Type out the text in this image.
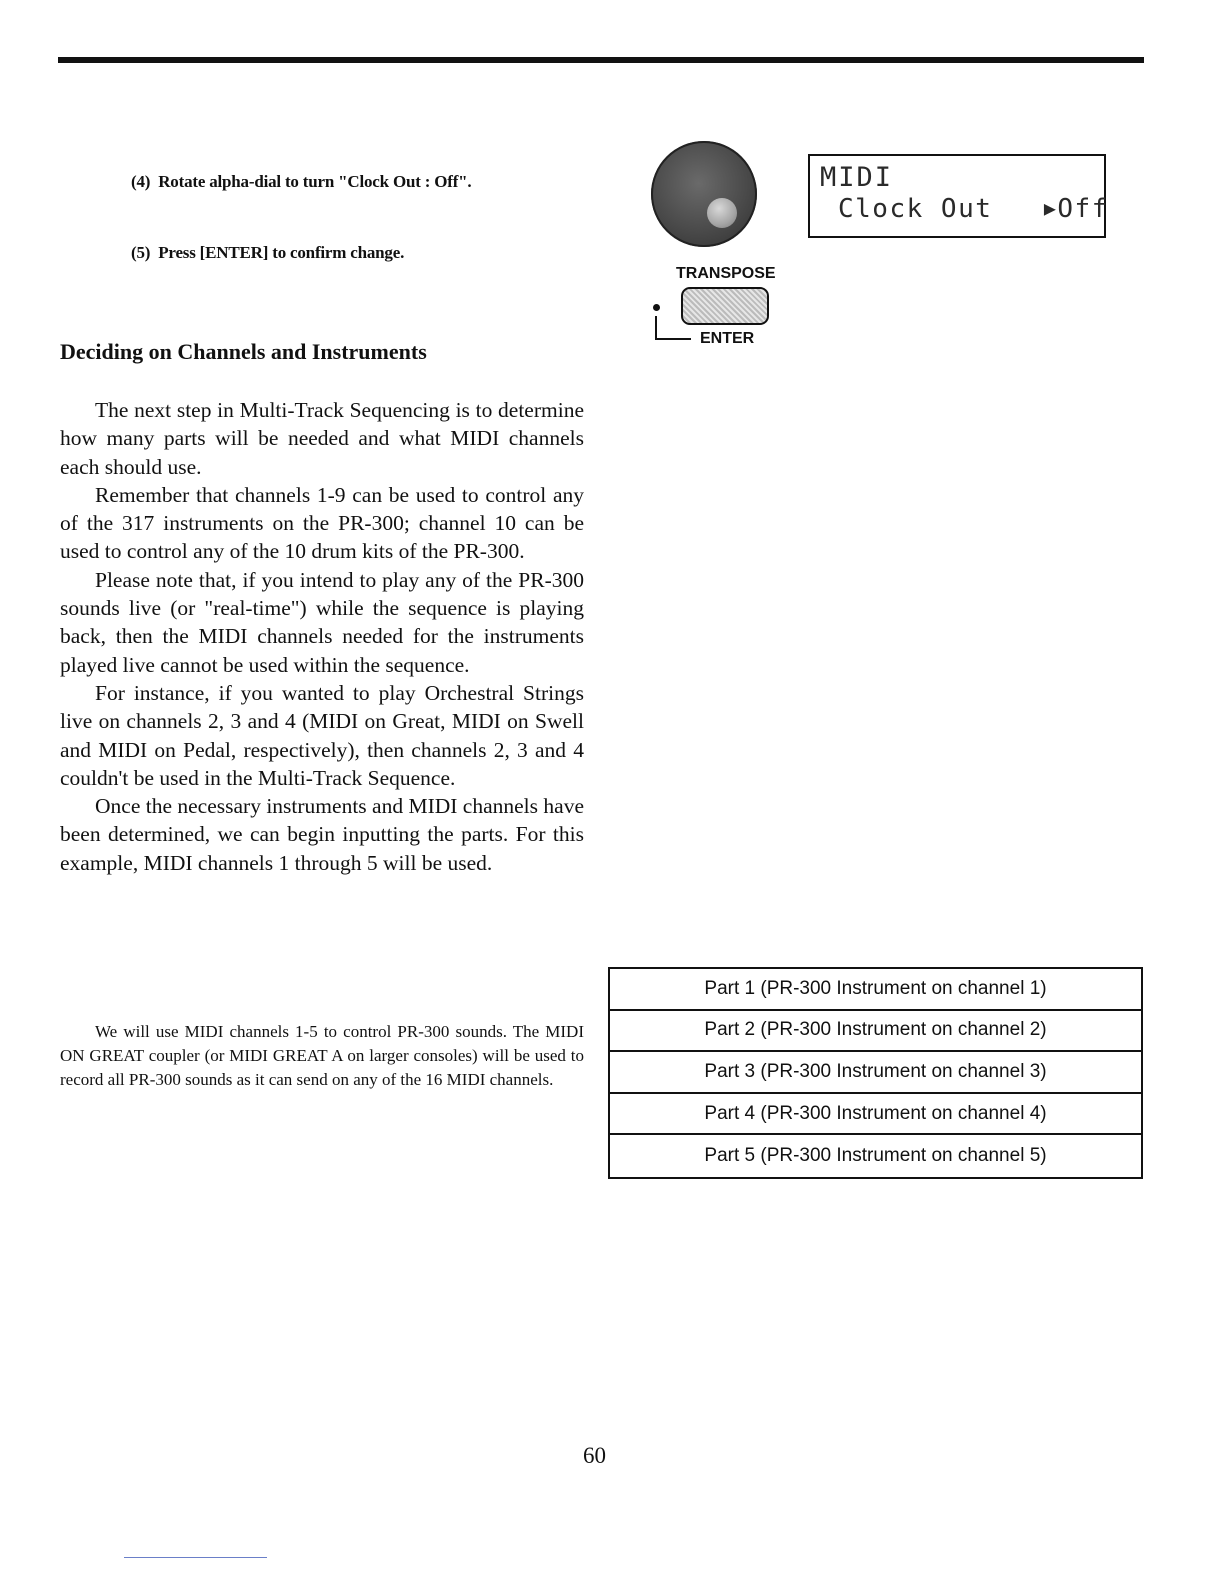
(4) Rotate alpha-dial to turn "Clock Out : Off".
(5) Press [ENTER] to confirm change.
Deciding on Channels and Instruments

The next step in Multi-Track Sequencing is to determine how many parts will be needed and what MIDI channels each should use.

Remember that channels 1-9 can be used to control any of the 317 instruments on the PR-300; channel 10 can be used to control any of the 10 drum kits of the PR-300.

Please note that, if you intend to play any of the PR-300 sounds live (or "real-time") while the sequence is playing back, then the MIDI channels needed for the instruments played live cannot be used within the sequence.

For instance, if you wanted to play Orchestral Strings live on channels 2, 3 and 4 (MIDI on Great, MIDI on Swell and MIDI on Pedal, respectively), then channels 2, 3 and 4 couldn't be used in the Multi-Track Sequence.

Once the necessary instruments and MIDI channels have been determined, we can begin inputting the parts. For this example, MIDI channels 1 through 5 will be used.

We will use MIDI channels 1-5 to control PR-300 sounds. The MIDI ON GREAT coupler (or MIDI GREAT A on larger consoles) will be used to record all PR-300 sounds as it can send on any of the 16 MIDI channels.

TRANSPOSE
ENTER
MIDI
Clock Out	▶Off
Part 1 (PR-300 Instrument on channel 1)
Part 2 (PR-300 Instrument on channel 2)
Part 3 (PR-300 Instrument on channel 3)
Part 4 (PR-300 Instrument on channel 4)
Part 5 (PR-300 Instrument on channel 5)
60
